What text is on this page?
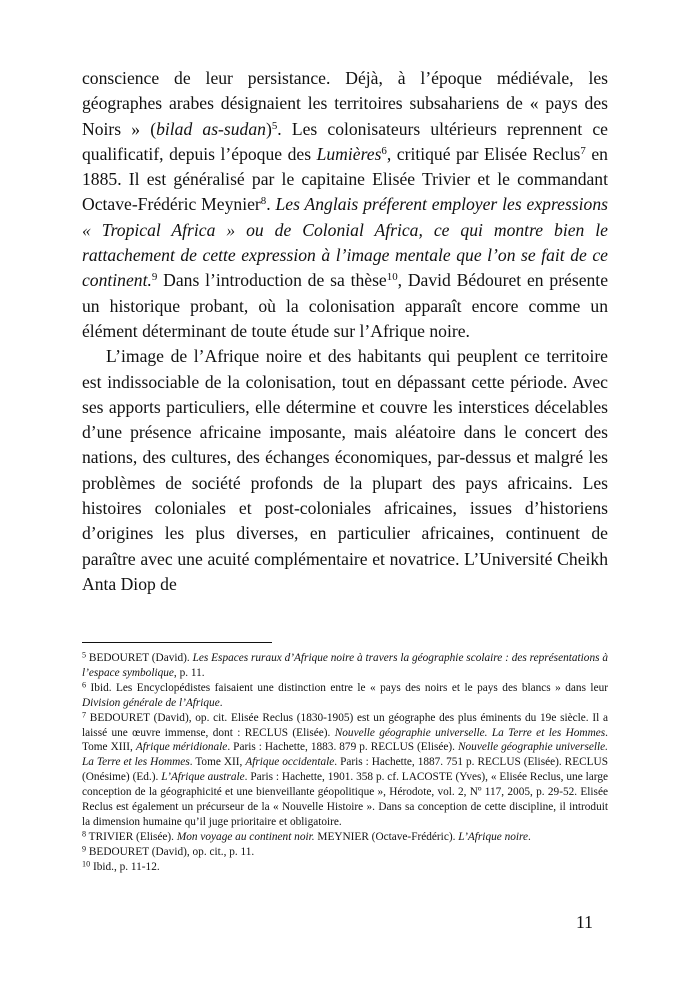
conscience de leur persistance. Déjà, à l’époque médiévale, les géographes arabes désignaient les territoires subsahariens de « pays des Noirs » (bilad as-sudan)$^5$. Les colonisateurs ultérieurs reprennent ce qualificatif, depuis l’époque des Lumières$^6$, critiqué par Elisée Reclus$^7$ en 1885. Il est généralisé par le capitaine Elisée Trivier et le commandant Octave-Frédéric Meynier$^8$. Les Anglais préferent employer les expressions « Tropical Africa » ou de Colonial Africa, ce qui montre bien le rattachement de cette expression à l’image mentale que l’on se fait de ce continent.$^9$ Dans l’introduction de sa thèse$^{10}$, David Bédouret en présente un historique probant, où la colonisation apparaît encore comme un élément déterminant de toute étude sur l’Afrique noire.

L’image de l’Afrique noire et des habitants qui peuplent ce territoire est indissociable de la colonisation, tout en dépassant cette période. Avec ses apports particuliers, elle détermine et couvre les interstices décelables d’une présence africaine imposante, mais aléatoire dans le concert des nations, des cultures, des échanges économiques, par-dessus et malgré les problèmes de société profonds de la plupart des pays africains. Les histoires coloniales et post-coloniales africaines, issues d’historiens d’origines les plus diverses, en particulier africaines, continuent de paraître avec une acuité complémentaire et novatrice. L’Université Cheikh Anta Diop de

$^5$ BEDOURET (David). Les Espaces ruraux d’Afrique noire à travers la géographie scolaire : des représentations à l’espace symbolique, p. 11.

$^6$ Ibid. Les Encyclopédistes faisaient une distinction entre le « pays des noirs et le pays des blancs » dans leur Division générale de l’Afrique.

$^7$ BEDOURET (David), op. cit. Elisée Reclus (1830-1905) est un géographe des plus éminents du 19e siècle. Il a laissé une œuvre immense, dont : RECLUS (Elisée). Nouvelle géographie universelle. La Terre et les Hommes. Tome XIII, Afrique méridionale. Paris : Hachette, 1883. 879 p. RECLUS (Elisée). Nouvelle géographie universelle. La Terre et les Hommes. Tome XII, Afrique occidentale. Paris : Hachette, 1887. 751 p. RECLUS (Elisée). RECLUS (Onésime) (Ed.). L’Afrique australe. Paris : Hachette, 1901. 358 p. cf. LACOSTE (Yves), « Elisée Reclus, une large conception de la géographicité et une bienveillante géopolitique », Hérodote, vol. 2, Nº 117, 2005, p. 29-52. Elisée Reclus est également un précurseur de la « Nouvelle Histoire ». Dans sa conception de cette discipline, il introduit la dimension humaine qu’il juge prioritaire et obligatoire.

$^8$ TRIVIER (Elisée). Mon voyage au continent noir. MEYNIER (Octave-Frédéric). L’Afrique noire.

$^9$ BEDOURET (David), op. cit., p. 11.

$^{10}$ Ibid., p. 11-12.

11
